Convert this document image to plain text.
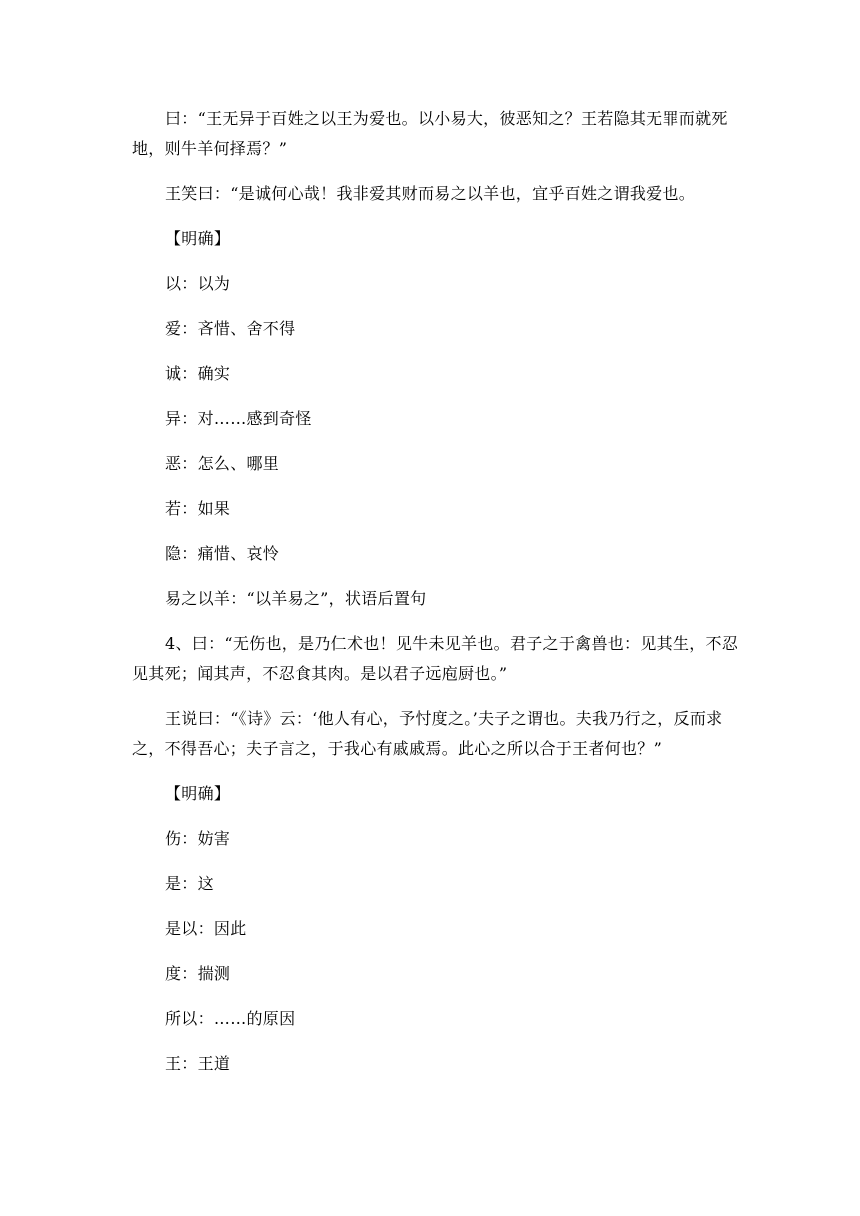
曰：“王无异于百姓之以王为爱也。以小易大，彼恶知之？王若隐其无罪而就死地，则牛羊何择焉？”

王笑曰：“是诚何心哉！我非爱其财而易之以羊也，宜乎百姓之谓我爱也。

【明确】

以：以为

爱：吝惜、舍不得

诚：确实

异：对……感到奇怪

恶：怎么、哪里

若：如果

隐：痛惜、哀怜

易之以羊：“以羊易之”，状语后置句

4、曰：“无伤也，是乃仁术也！见牛未见羊也。君子之于禽兽也：见其生，不忍见其死；闻其声，不忍食其肉。是以君子远庖厨也。”

王说曰：“《诗》云：‘他人有心，予忖度之。’夫子之谓也。夫我乃行之，反而求之，不得吾心；夫子言之，于我心有戚戚焉。此心之所以合于王者何也？”

【明确】

伤：妨害

是：这

是以：因此

度：揣测

所以：……的原因

王：王道
